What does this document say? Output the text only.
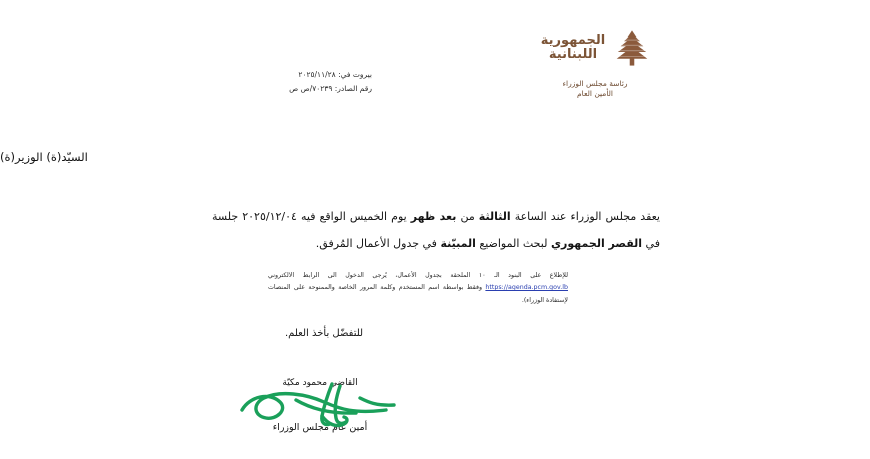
الجمهورية
اللبنانية
رئاسة مجلس الوزراء
الأمين العام
بيروت في: ٢٠٢٥/١١/٢٨
رقم الصادر: ٧٠٢٣٩/ص ص
السيّد(ة) الوزير(ة)
يعقد مجلس الوزراء عند الساعة الثالثة من بعد ظهر يوم الخميس الواقع فيه ٢٠٢٥/١٢/٠٤ جلسة في القصر الجمهوري لبحث المواضيع المبيّنة في جدول الأعمال المُرفق.
للإطلاع على البنود الـ ١٠ الملحقة بجدول الأعمال، يُرجى الدخول الى الرابط الالكتروني https://agenda.pcm.gov.lb وفقط بواسطة اسم المستخدم وكلمة المرور الخاصة والممنوحة على المنصات لإستفادة الوزراء).
للتفضّل بأخذ العلم.
القاضي محمود مكيّة
أمين عام مجلس الوزراء
